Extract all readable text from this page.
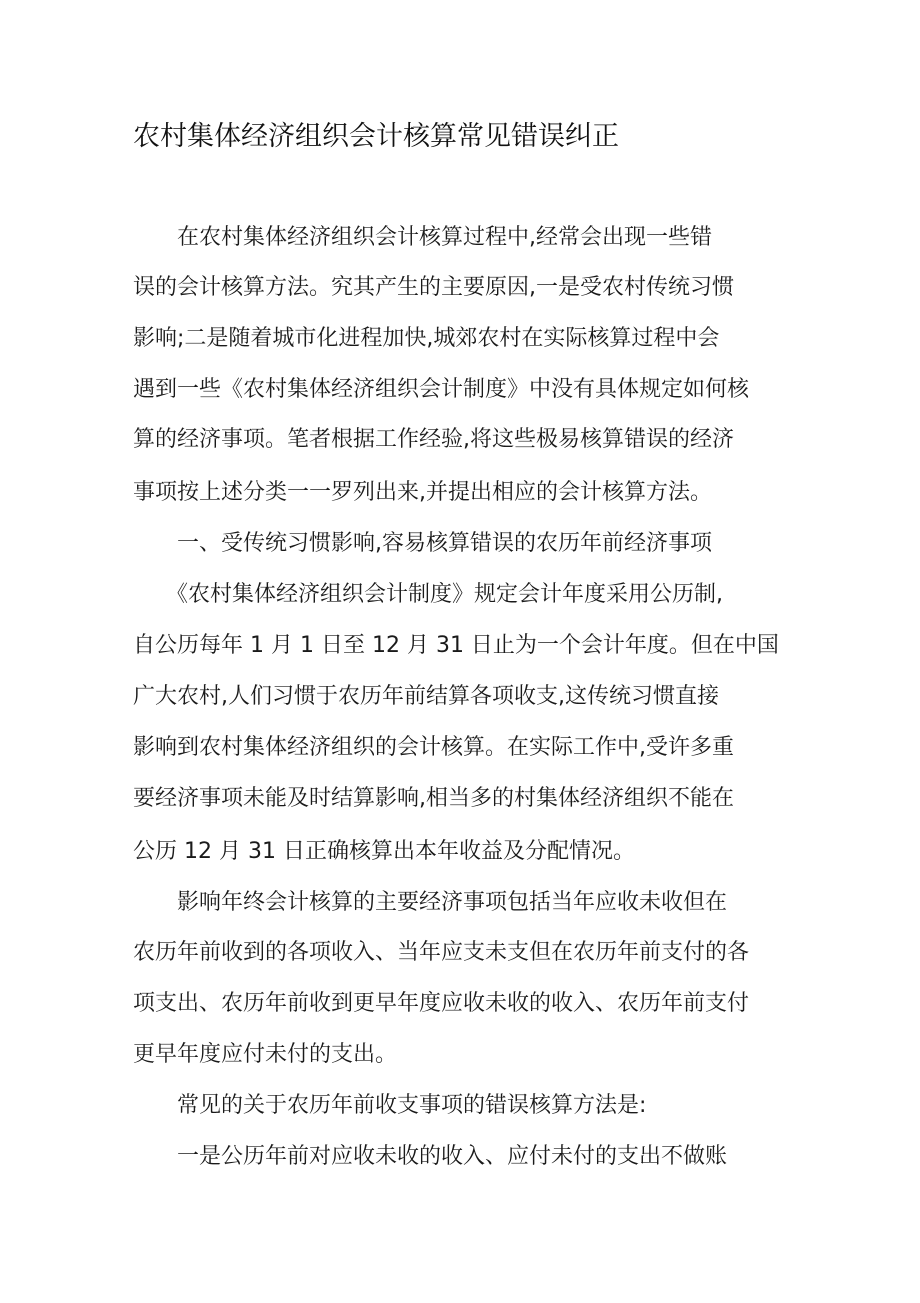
农村集体经济组织会计核算常见错误纠正
　　在农村集体经济组织会计核算过程中,经常会出现一些错
误的会计核算方法。究其产生的主要原因,一是受农村传统习惯
影响;二是随着城市化进程加快,城郊农村在实际核算过程中会
遇到一些《农村集体经济组织会计制度》中没有具体规定如何核
算的经济事项。笔者根据工作经验,将这些极易核算错误的经济
事项按上述分类一一罗列出来,并提出相应的会计核算方法。
　　一、受传统习惯影响,容易核算错误的农历年前经济事项
　　《农村集体经济组织会计制度》规定会计年度采用公历制,
自公历每年 1 月 1 日至 12 月 31 日止为一个会计年度。但在中国
广大农村,人们习惯于农历年前结算各项收支,这传统习惯直接
影响到农村集体经济组织的会计核算。在实际工作中,受许多重
要经济事项未能及时结算影响,相当多的村集体经济组织不能在
公历 12 月 31 日正确核算出本年收益及分配情况。
　　影响年终会计核算的主要经济事项包括当年应收未收但在
农历年前收到的各项收入、当年应支未支但在农历年前支付的各
项支出、农历年前收到更早年度应收未收的收入、农历年前支付
更早年度应付未付的支出。
　　常见的关于农历年前收支事项的错误核算方法是:
　　一是公历年前对应收未收的收入、应付未付的支出不做账
